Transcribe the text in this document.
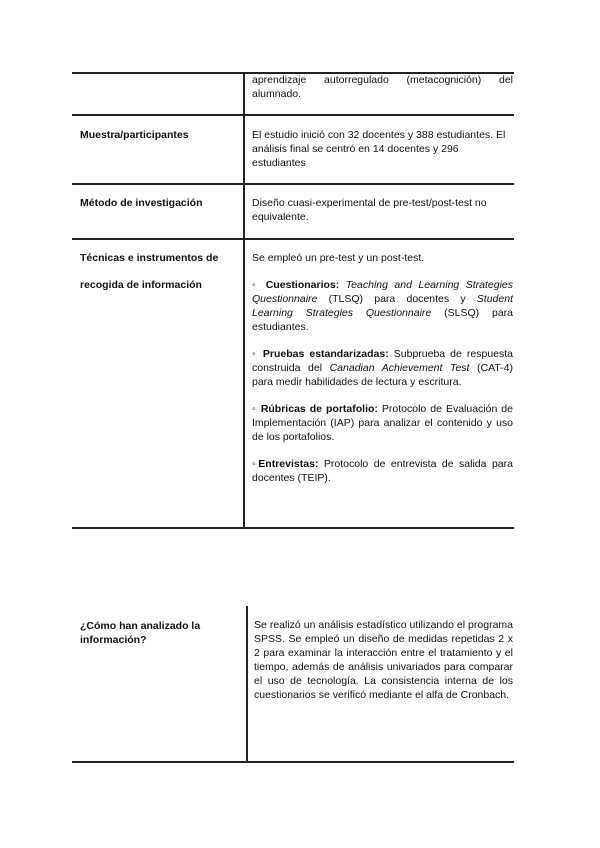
aprendizaje autorregulado (metacognición) del alumnado.
Muestra/participantes	El estudio inició con 32 docentes y 388 estudiantes. El análisis final se centró en 14 docentes y 296 estudiantes
Método de investigación	Diseño cuasi-experimental de pre-test/post-test no equivalente.
Técnicas e instrumentos de
recogida de información

Se empleó un pre-test y un post-test.

◦ Cuestionarios: Teaching and Learning Strategies Questionnaire (TLSQ) para docentes y Student Learning Strategies Questionnaire (SLSQ) para estudiantes.

◦ Pruebas estandarizadas: Subprueba de respuesta construida del Canadian Achievement Test (CAT-4) para medir habilidades de lectura y escritura.

◦ Rúbricas de portafolio: Protocolo de Evaluación de Implementación (IAP) para analizar el contenido y uso de los portafolios.

◦Entrevistas: Protocolo de entrevista de salida para docentes (TEIP).

¿Cómo han analizado la información?
Se realizó un análisis estadístico utilizando el programa SPSS. Se empleó un diseño de medidas repetidas 2 x 2 para examinar la interacción entre el tratamiento y el tiempo, además de análisis univariados para comparar el uso de tecnología. La consistencia interna de los cuestionarios se verificó mediante el alfa de Cronbach.
